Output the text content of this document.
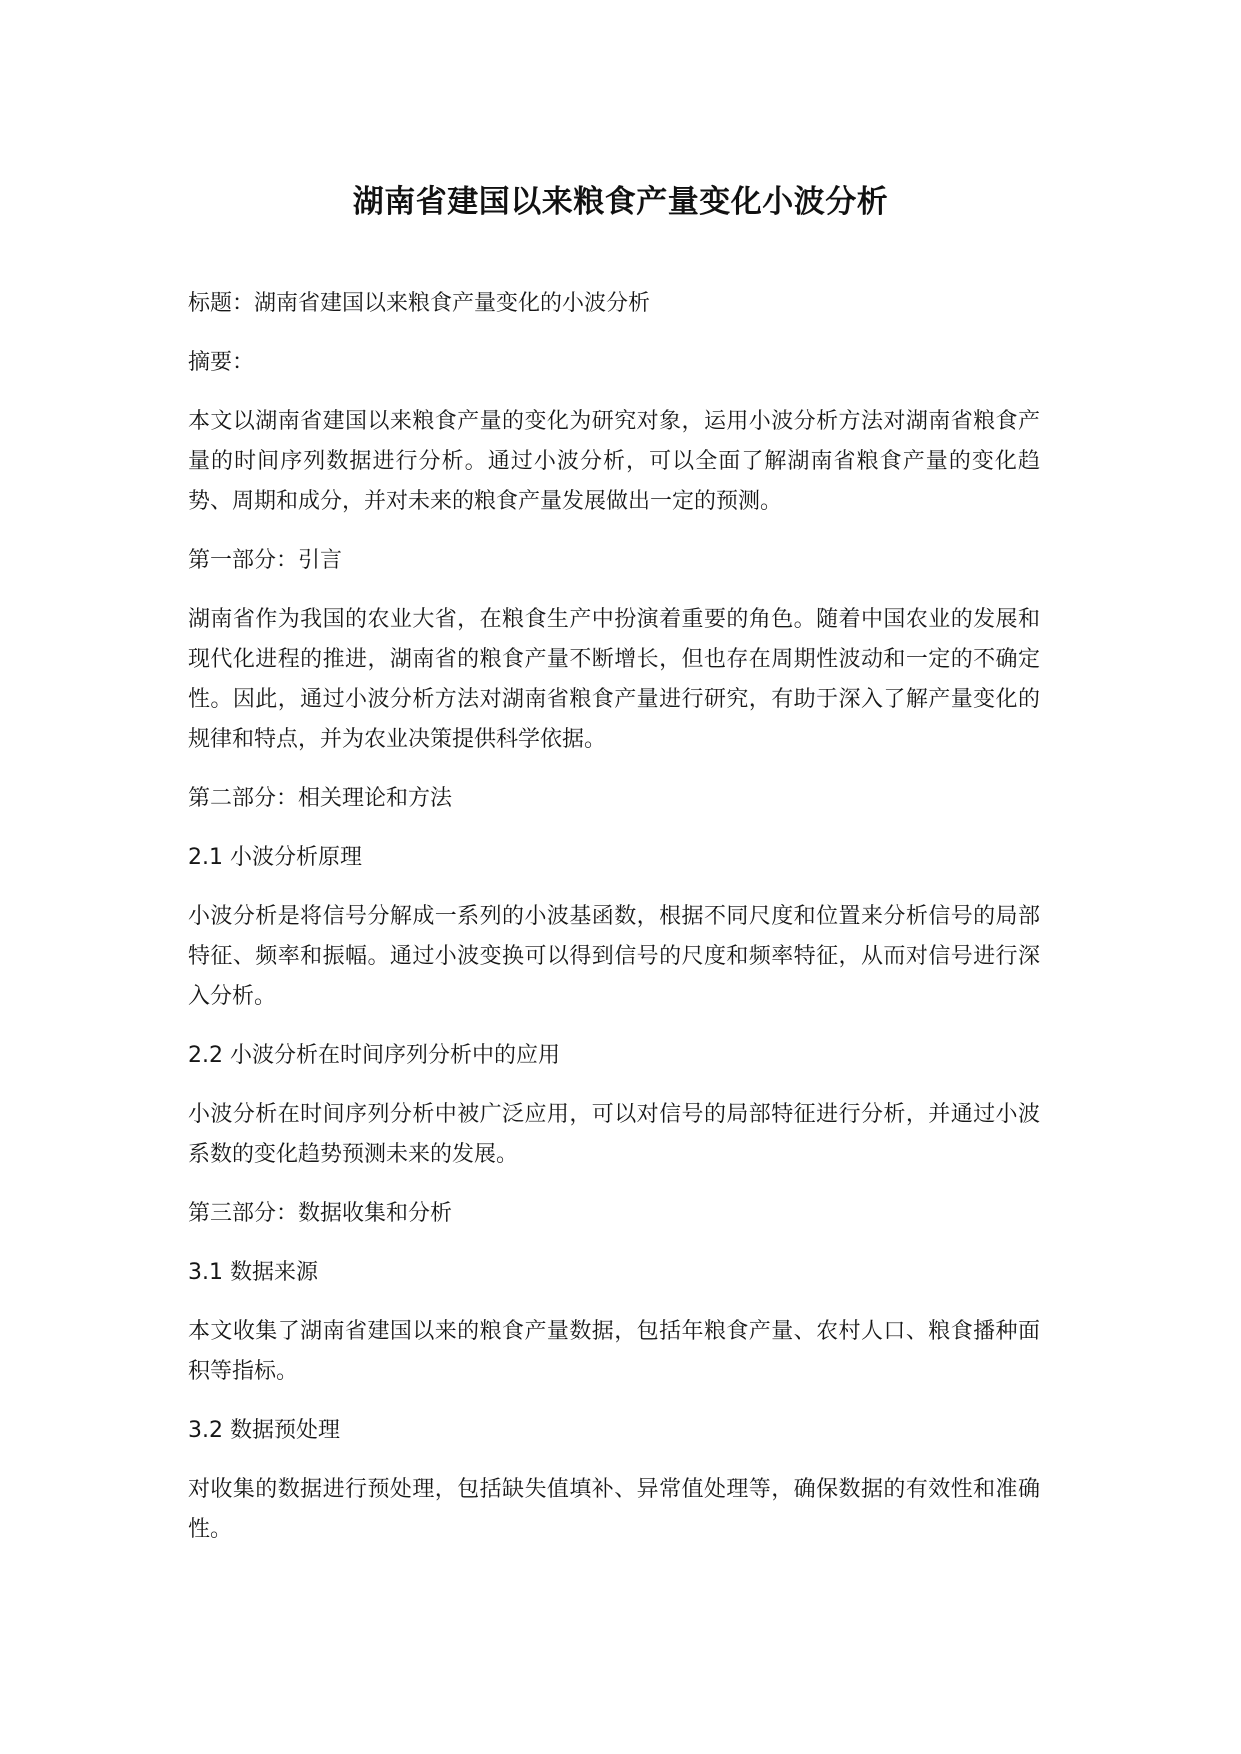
湖南省建国以来粮食产量变化小波分析

标题：湖南省建国以来粮食产量变化的小波分析

摘要：

本文以湖南省建国以来粮食产量的变化为研究对象，运用小波分析方法对湖南省粮食产量的时间序列数据进行分析。通过小波分析，可以全面了解湖南省粮食产量的变化趋势、周期和成分，并对未来的粮食产量发展做出一定的预测。

第一部分：引言

湖南省作为我国的农业大省，在粮食生产中扮演着重要的角色。随着中国农业的发展和现代化进程的推进，湖南省的粮食产量不断增长，但也存在周期性波动和一定的不确定性。因此，通过小波分析方法对湖南省粮食产量进行研究，有助于深入了解产量变化的规律和特点，并为农业决策提供科学依据。

第二部分：相关理论和方法

2.1 小波分析原理

小波分析是将信号分解成一系列的小波基函数，根据不同尺度和位置来分析信号的局部特征、频率和振幅。通过小波变换可以得到信号的尺度和频率特征，从而对信号进行深入分析。

2.2 小波分析在时间序列分析中的应用

小波分析在时间序列分析中被广泛应用，可以对信号的局部特征进行分析，并通过小波系数的变化趋势预测未来的发展。

第三部分：数据收集和分析

3.1 数据来源

本文收集了湖南省建国以来的粮食产量数据，包括年粮食产量、农村人口、粮食播种面积等指标。

3.2 数据预处理

对收集的数据进行预处理，包括缺失值填补、异常值处理等，确保数据的有效性和准确性。
